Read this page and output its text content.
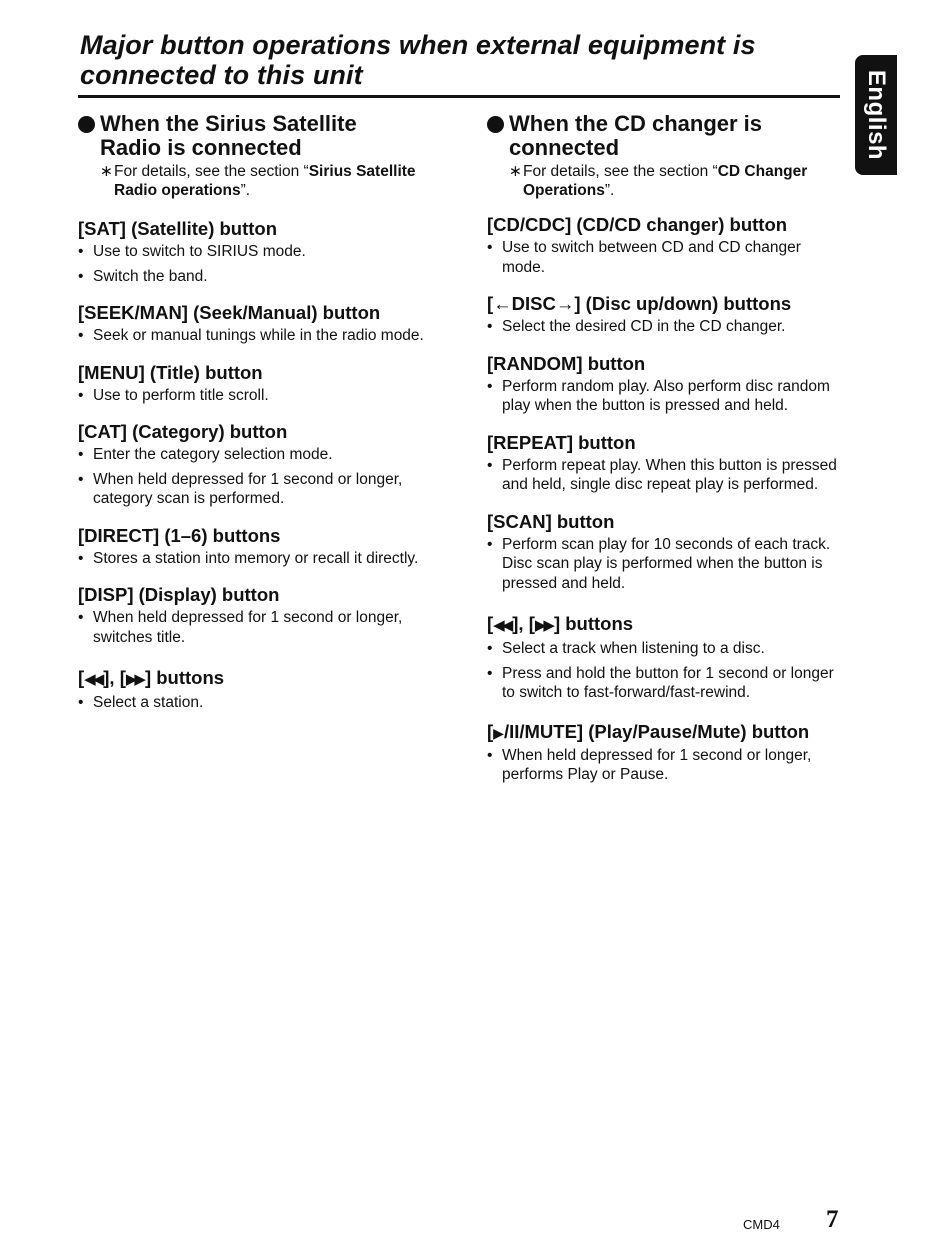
Major button operations when external equipment is
connected to this unit	English
When the Sirius Satellite
Radio is connected

∗For details, see the section “Sirius Satellite Radio operations”.

[SAT] (Satellite) button
• Use to switch to SIRIUS mode.
• Switch the band.
[SEEK/MAN] (Seek/Manual) button
• Seek or manual tunings while in the radio mode.
[MENU] (Title) button
• Use to perform title scroll.
[CAT] (Category) button
• Enter the category selection mode.
• When held depressed for 1 second or longer, category scan is performed.
[DIRECT] (1–6) buttons
• Stores a station into memory or recall it directly.
[DISP] (Display) button
• When held depressed for 1 second or longer, switches title.
[◀◀ ], [▶▶ ] buttons
• Select a station.
When the CD changer is
connected

∗For details, see the section “CD Changer Operations”.

[CD/CDC] (CD/CD changer) button
• Use to switch between CD and CD changer mode.
[←DISC→] (Disc up/down) buttons
• Select the desired CD in the CD changer.
[RANDOM] button
• Perform random play. Also perform disc random play when the button is pressed and held.
[REPEAT] button
• Perform repeat play. When this button is pressed and held, single disc repeat play is performed.
[SCAN] button
• Perform scan play for 10 seconds of each track. Disc scan play is performed when the button is pressed and held.
[◀◀ ], [▶▶ ] buttons
• Select a track when listening to a disc.
• Press and hold the button for 1 second or longer to switch to fast-forward/fast-rewind.
[▶/II/MUTE] (Play/Pause/Mute) button
• When held depressed for 1 second or longer, performs Play or Pause.
CMD4 7
